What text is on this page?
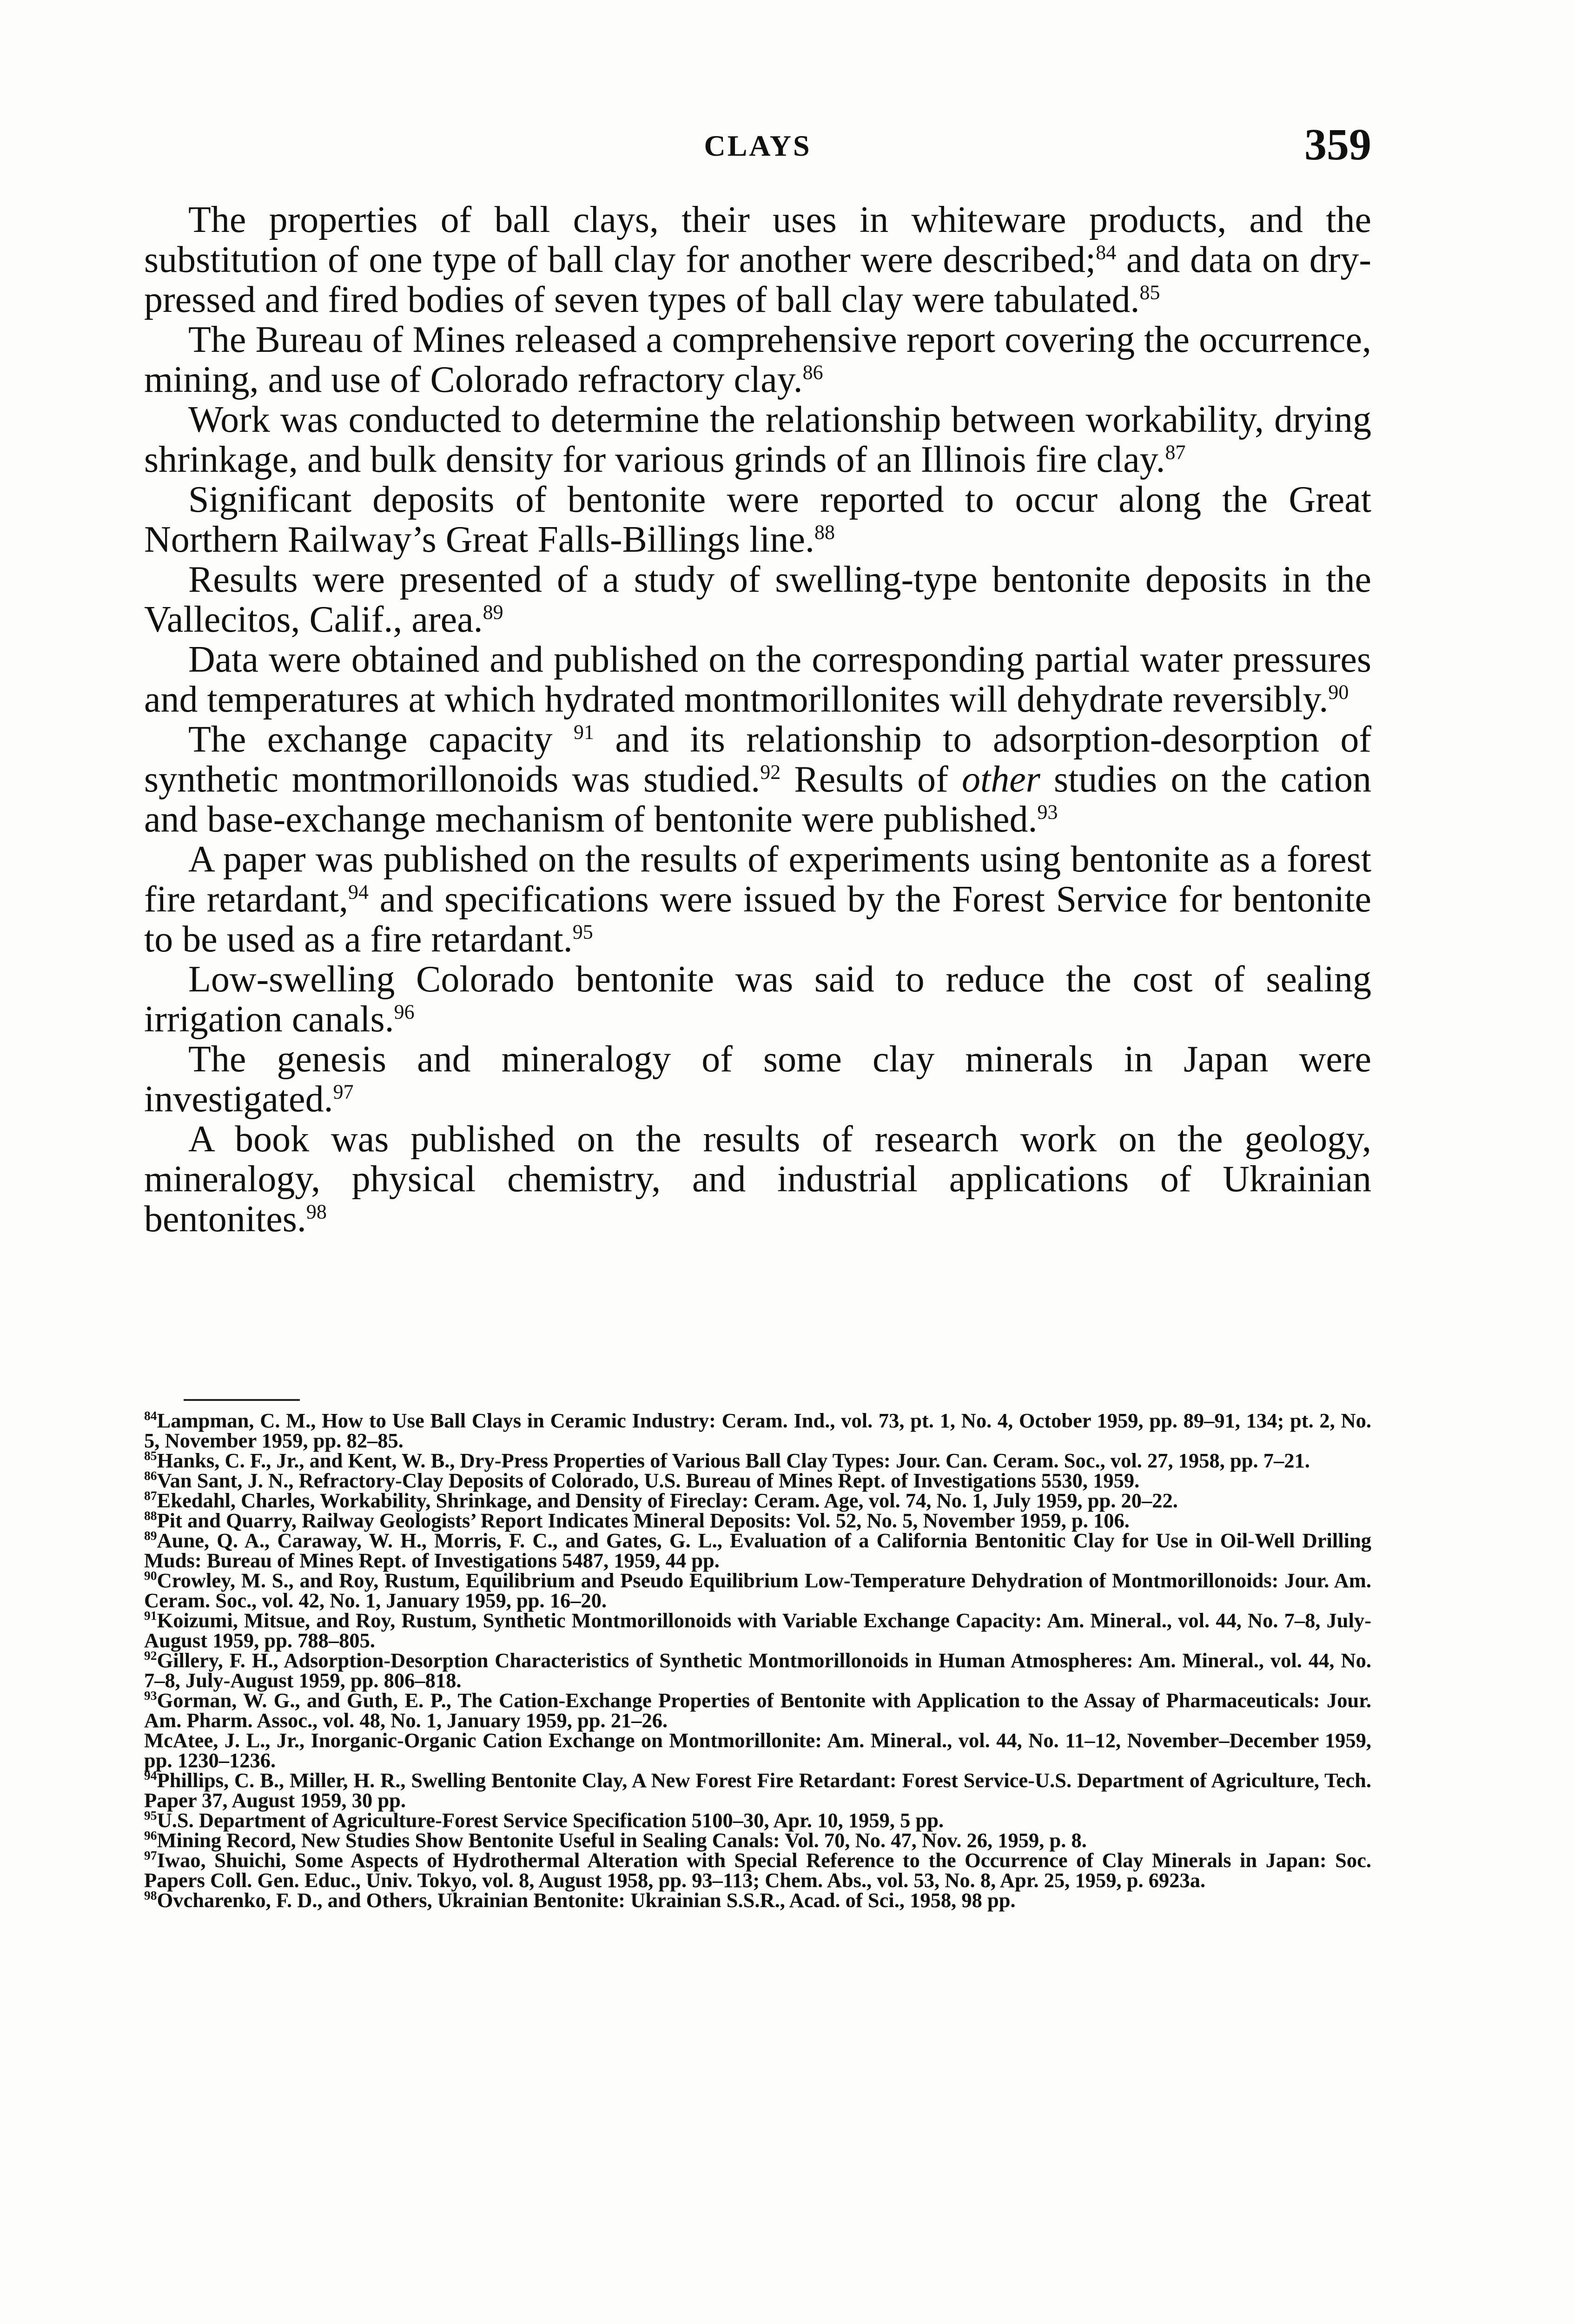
CLAYS	359

The properties of ball clays, their uses in whiteware products, and the substitution of one type of ball clay for another were described;$^{84}$ and data on dry-pressed and fired bodies of seven types of ball clay were tabulated.$^{85}$

The Bureau of Mines released a comprehensive report covering the occurrence, mining, and use of Colorado refractory clay.$^{86}$

Work was conducted to determine the relationship between workability, drying shrinkage, and bulk density for various grinds of an Illinois fire clay.$^{87}$

Significant deposits of bentonite were reported to occur along the Great Northern Railway’s Great Falls-Billings line.$^{88}$

Results were presented of a study of swelling-type bentonite deposits in the Vallecitos, Calif., area.$^{89}$

Data were obtained and published on the corresponding partial water pressures and temperatures at which hydrated montmorillonites will dehydrate reversibly.$^{90}$

The exchange capacity $^{91}$ and its relationship to adsorption-desorption of synthetic montmorillonoids was studied.$^{92}$ Results of other studies on the cation and base-exchange mechanism of bentonite were published.$^{93}$

A paper was published on the results of experiments using bentonite as a forest fire retardant,$^{94}$ and specifications were issued by the Forest Service for bentonite to be used as a fire retardant.$^{95}$

Low-swelling Colorado bentonite was said to reduce the cost of sealing irrigation canals.$^{96}$

The genesis and mineralogy of some clay minerals in Japan were investigated.$^{97}$

A book was published on the results of research work on the geology, mineralogy, physical chemistry, and industrial applications of Ukrainian bentonites.$^{98}$

$^{84}$Lampman, C. M., How to Use Ball Clays in Ceramic Industry: Ceram. Ind., vol. 73, pt. 1, No. 4, October 1959, pp. 89–91, 134; pt. 2, No. 5, November 1959, pp. 82–85.

$^{85}$Hanks, C. F., Jr., and Kent, W. B., Dry-Press Properties of Various Ball Clay Types: Jour. Can. Ceram. Soc., vol. 27, 1958, pp. 7–21.

$^{86}$Van Sant, J. N., Refractory-Clay Deposits of Colorado, U.S. Bureau of Mines Rept. of Investigations 5530, 1959.

$^{87}$Ekedahl, Charles, Workability, Shrinkage, and Density of Fireclay: Ceram. Age, vol. 74, No. 1, July 1959, pp. 20–22.

$^{88}$Pit and Quarry, Railway Geologists’ Report Indicates Mineral Deposits: Vol. 52, No. 5, November 1959, p. 106.

$^{89}$Aune, Q. A., Caraway, W. H., Morris, F. C., and Gates, G. L., Evaluation of a California Bentonitic Clay for Use in Oil-Well Drilling Muds: Bureau of Mines Rept. of Investigations 5487, 1959, 44 pp.

$^{90}$Crowley, M. S., and Roy, Rustum, Equilibrium and Pseudo Equilibrium Low-Temperature Dehydration of Montmorillonoids: Jour. Am. Ceram. Soc., vol. 42, No. 1, January 1959, pp. 16–20.

$^{91}$Koizumi, Mitsue, and Roy, Rustum, Synthetic Montmorillonoids with Variable Exchange Capacity: Am. Mineral., vol. 44, No. 7–8, July-August 1959, pp. 788–805.

$^{92}$Gillery, F. H., Adsorption-Desorption Characteristics of Synthetic Montmorillonoids in Human Atmospheres: Am. Mineral., vol. 44, No. 7–8, July-August 1959, pp. 806–818.

$^{93}$Gorman, W. G., and Guth, E. P., The Cation-Exchange Properties of Bentonite with Application to the Assay of Pharmaceuticals: Jour. Am. Pharm. Assoc., vol. 48, No. 1, January 1959, pp. 21–26.

McAtee, J. L., Jr., Inorganic-Organic Cation Exchange on Montmorillonite: Am. Mineral., vol. 44, No. 11–12, November–December 1959, pp. 1230–1236.

$^{94}$Phillips, C. B., Miller, H. R., Swelling Bentonite Clay, A New Forest Fire Retardant: Forest Service-U.S. Department of Agriculture, Tech. Paper 37, August 1959, 30 pp.

$^{95}$U.S. Department of Agriculture-Forest Service Specification 5100–30, Apr. 10, 1959, 5 pp.

$^{96}$Mining Record, New Studies Show Bentonite Useful in Sealing Canals: Vol. 70, No. 47, Nov. 26, 1959, p. 8.

$^{97}$Iwao, Shuichi, Some Aspects of Hydrothermal Alteration with Special Reference to the Occurrence of Clay Minerals in Japan: Soc. Papers Coll. Gen. Educ., Univ. Tokyo, vol. 8, August 1958, pp. 93–113; Chem. Abs., vol. 53, No. 8, Apr. 25, 1959, p. 6923a.

$^{98}$Ovcharenko, F. D., and Others, Ukrainian Bentonite: Ukrainian S.S.R., Acad. of Sci., 1958, 98 pp.
